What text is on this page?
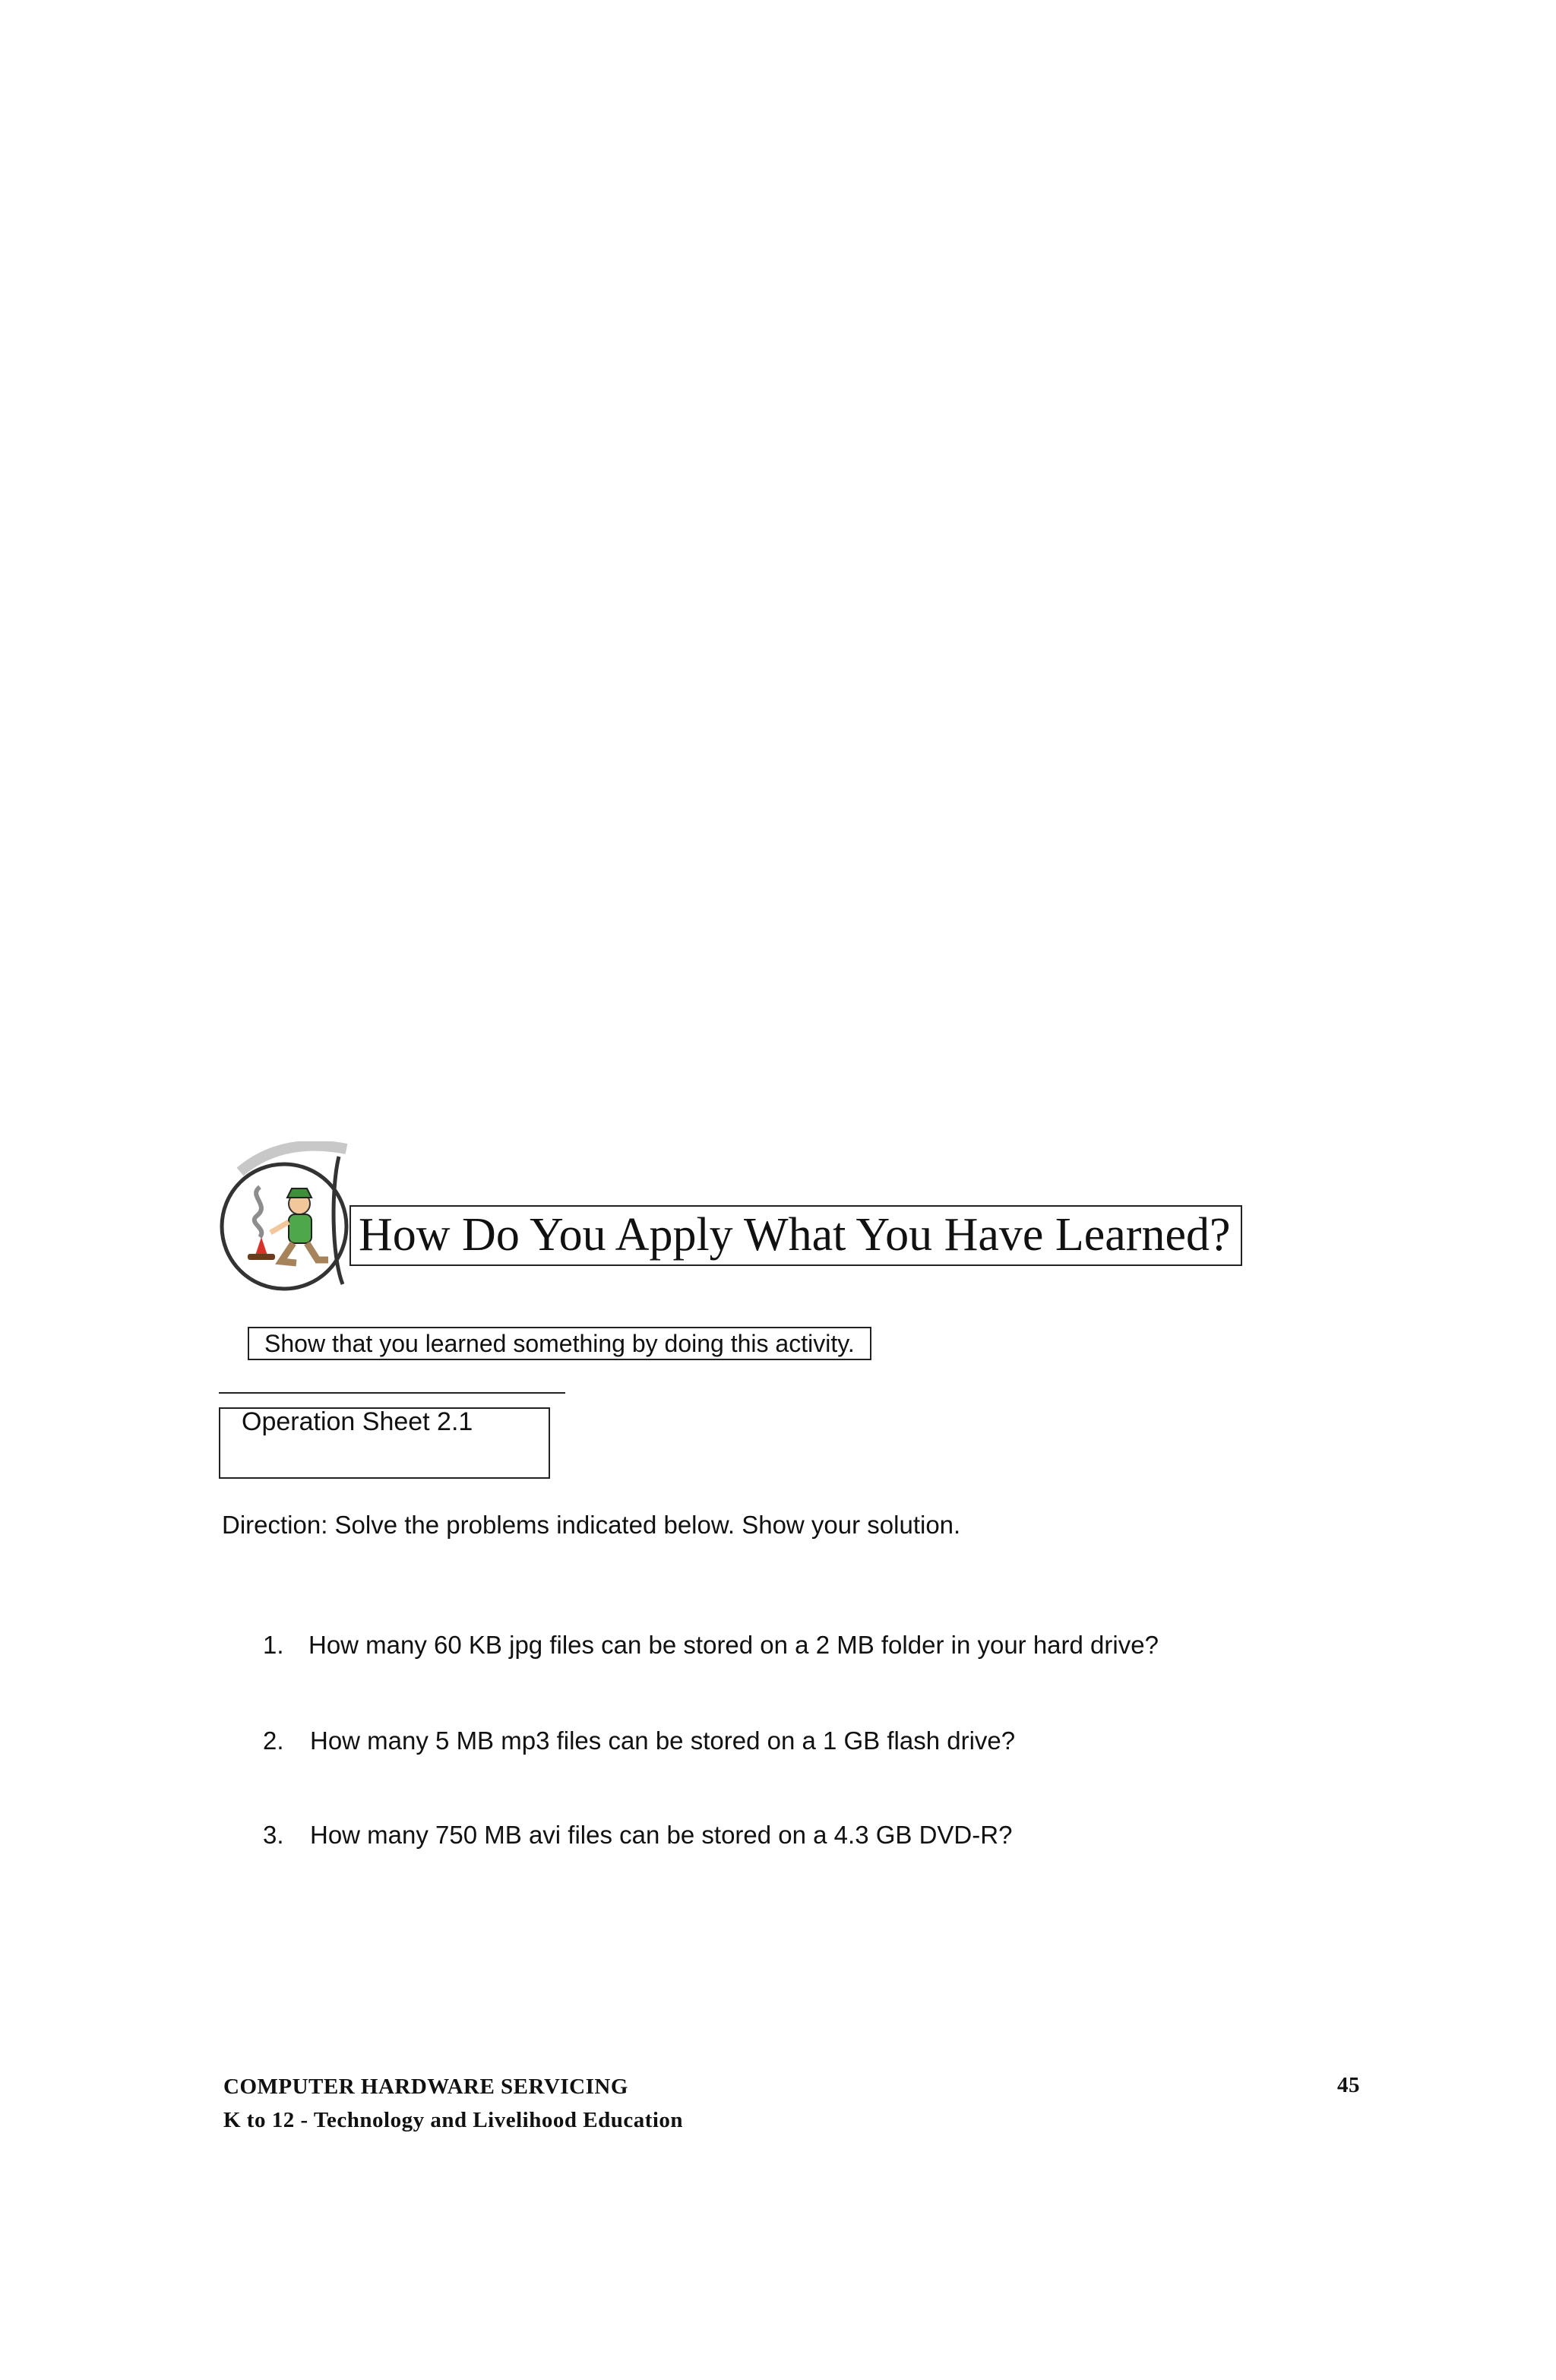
How Do You Apply What You Have Learned?
Show that you learned something by doing this activity.
Operation Sheet 2.1
Direction: Solve the problems indicated below. Show your solution.
1. How many 60 KB jpg files can be stored on a 2 MB folder in your hard drive?
2. How many 5 MB mp3 files can be stored on a 1 GB flash drive?
3. How many 750 MB avi files can be stored on a 4.3 GB DVD-R?
COMPUTER HARDWARE SERVICING
K to 12 - Technology and Livelihood Education
45
